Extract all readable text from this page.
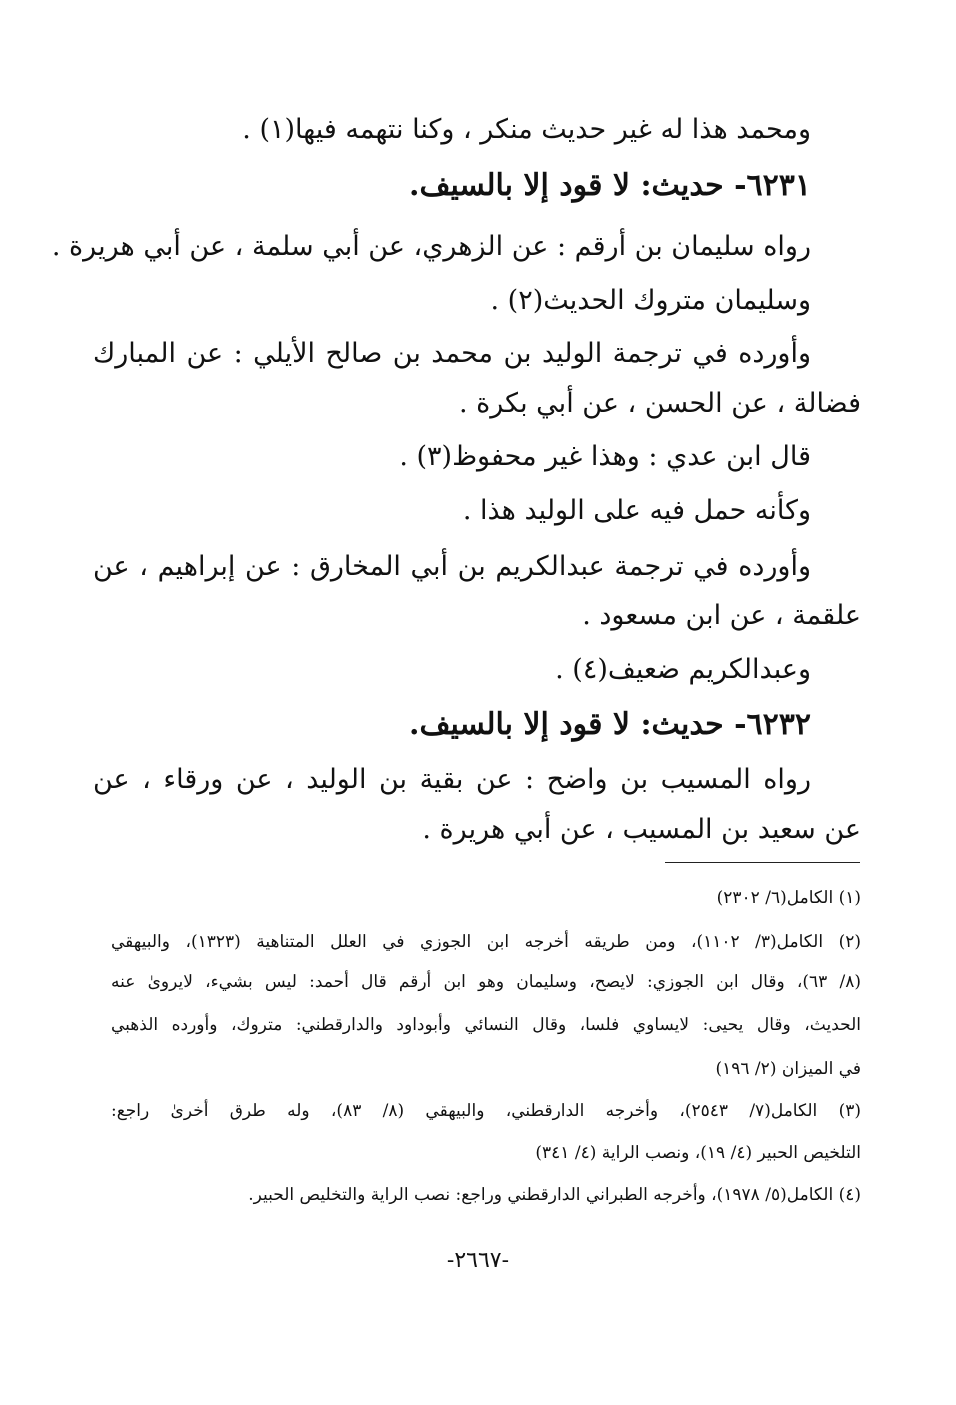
ومحمد هذا له غير حديث منكر ، وكنا نتهمه فيها(١) .
٦٢٣١- حديث: لا قود إلا بالسيف.
رواه سليمان بن أرقم : عن الزهري، عن أبي سلمة ، عن أبي هريرة .
وسليمان متروك الحديث(٢) .
وأورده في ترجمة الوليد بن محمد بن صالح الأيلي : عن المبارك
فضالة ، عن الحسن ، عن أبي بكرة .
قال ابن عدي : وهذا غير محفوظ(٣) .
وكأنه حمل فيه على الوليد هذا .
وأورده في ترجمة عبدالكريم بن أبي المخارق : عن إبراهيم ، عن
علقمة ، عن ابن مسعود .
وعبدالكريم ضعيف(٤) .
٦٢٣٢- حديث: لا قود إلا بالسيف.
رواه المسيب بن واضح : عن بقية بن الوليد ، عن ورقاء ، عن
عن سعيد بن المسيب ، عن أبي هريرة .
(١) الكامل(٦/ ٢٣٠٢)
(٢) الكامل(٣/ ١١٠٢)، ومن طريقه أخرجه ابن الجوزي في العلل المتناهية (١٣٢٣)، والبيهقي
(٨/ ٦٣)، وقال ابن الجوزي: لايصح، وسليمان وهو ابن أرقم قال أحمد: ليس بشيء، لايروىٰ عنه
الحديث، وقال يحيى: لايساوي فلسا، وقال النسائي وأبوداود والدارقطني: متروك، وأورده الذهبي
في الميزان (٢/ ١٩٦)
(٣) الكامل(٧/ ٢٥٤٣)، وأخرجه الدارقطني، والبيهقي (٨/ ٨٣)، وله طرق أخرىٰ راجع:
التلخيص الحبير (٤/ ١٩)، ونصب الراية (٤/ ٣٤١)
(٤) الكامل(٥/ ١٩٧٨)، وأخرجه الطبراني الدارقطني وراجع: نصب الراية والتخليص الحبير.
-٢٦٦٧-
